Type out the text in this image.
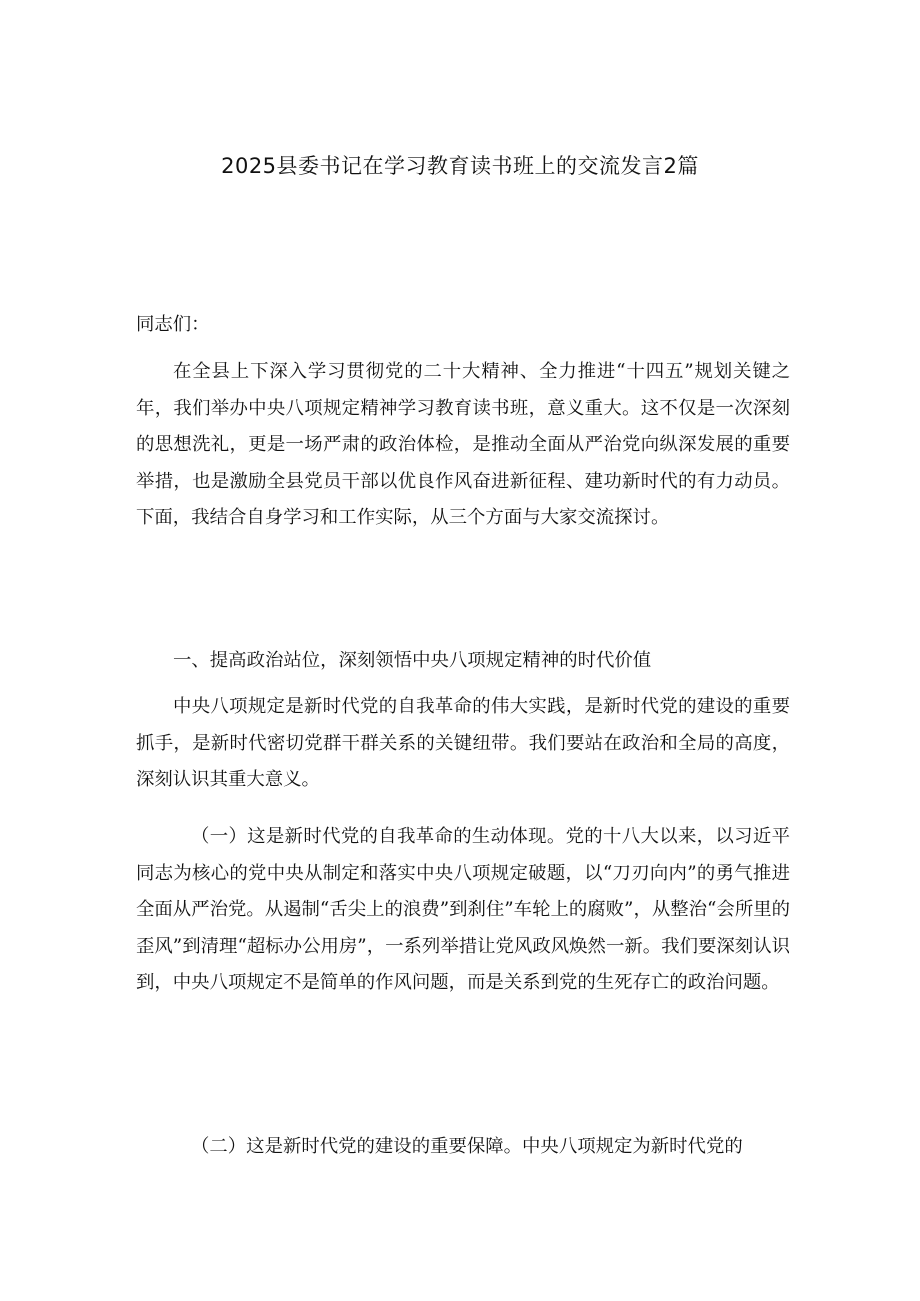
2025县委书记在学习教育读书班上的交流发言2篇

同志们：

在全县上下深入学习贯彻党的二十大精神、全力推进“十四五”规划关键之年，我们举办中央八项规定精神学习教育读书班，意义重大。这不仅是一次深刻的思想洗礼，更是一场严肃的政治体检，是推动全面从严治党向纵深发展的重要举措，也是激励全县党员干部以优良作风奋进新征程、建功新时代的有力动员。下面，我结合自身学习和工作实际，从三个方面与大家交流探讨。

一、提高政治站位，深刻领悟中央八项规定精神的时代价值

中央八项规定是新时代党的自我革命的伟大实践，是新时代党的建设的重要抓手，是新时代密切党群干群关系的关键纽带。我们要站在政治和全局的高度，深刻认识其重大意义。

（一）这是新时代党的自我革命的生动体现。党的十八大以来，以习近平同志为核心的党中央从制定和落实中央八项规定破题，以“刀刃向内”的勇气推进全面从严治党。从遏制“舌尖上的浪费”到刹住”车轮上的腐败”，从整治“会所里的歪风”到清理“超标办公用房”，一系列举措让党风政风焕然一新。我们要深刻认识到，中央八项规定不是简单的作风问题，而是关系到党的生死存亡的政治问题。

（二）这是新时代党的建设的重要保障。中央八项规定为新时代党的
